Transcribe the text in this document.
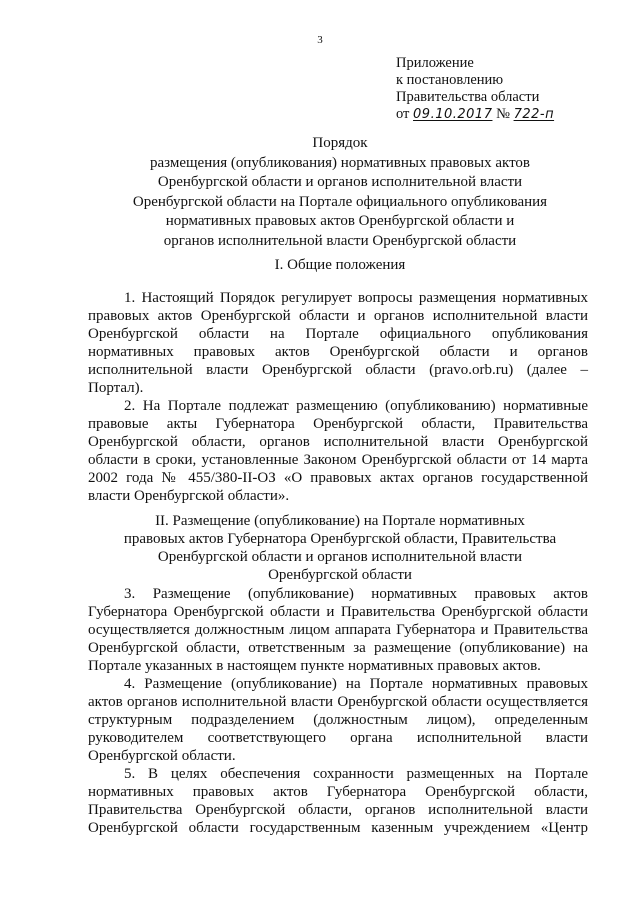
3
Приложение
к постановлению
Правительства области
от 09.10.2017 № 722-п
Порядок
размещения (опубликования) нормативных правовых актов
Оренбургской области и органов исполнительной власти
Оренбургской области на Портале официального опубликования
нормативных правовых актов Оренбургской области и
органов исполнительной власти Оренбургской области
I. Общие положения
1. Настоящий Порядок регулирует вопросы размещения нормативных
правовых актов Оренбургской области и органов исполнительной власти
Оренбургской области на Портале официального опубликования
нормативных правовых актов Оренбургской области и органов
исполнительной власти Оренбургской области (pravo.orb.ru) (далее –
Портал).
2. На Портале подлежат размещению (опубликованию) нормативные
правовые акты Губернатора Оренбургской области, Правительства
Оренбургской области, органов исполнительной власти Оренбургской
области в сроки, установленные Законом Оренбургской области от 14 марта
2002 года № 455/380-II-ОЗ «О правовых актах органов государственной
власти Оренбургской области».
II. Размещение (опубликование) на Портале нормативных
правовых актов Губернатора Оренбургской области, Правительства
Оренбургской области и органов исполнительной власти
Оренбургской области
3. Размещение (опубликование) нормативных правовых актов
Губернатора Оренбургской области и Правительства Оренбургской области
осуществляется должностным лицом аппарата Губернатора и Правительства
Оренбургской области, ответственным за размещение (опубликование) на
Портале указанных в настоящем пункте нормативных правовых актов.
4. Размещение (опубликование) на Портале нормативных правовых
актов органов исполнительной власти Оренбургской области осуществляется
структурным подразделением (должностным лицом), определенным
руководителем соответствующего органа исполнительной власти
Оренбургской области.
5. В целях обеспечения сохранности размещенных на Портале
нормативных правовых актов Губернатора Оренбургской области,
Правительства Оренбургской области, органов исполнительной власти
Оренбургской области государственным казенным учреждением «Центр
